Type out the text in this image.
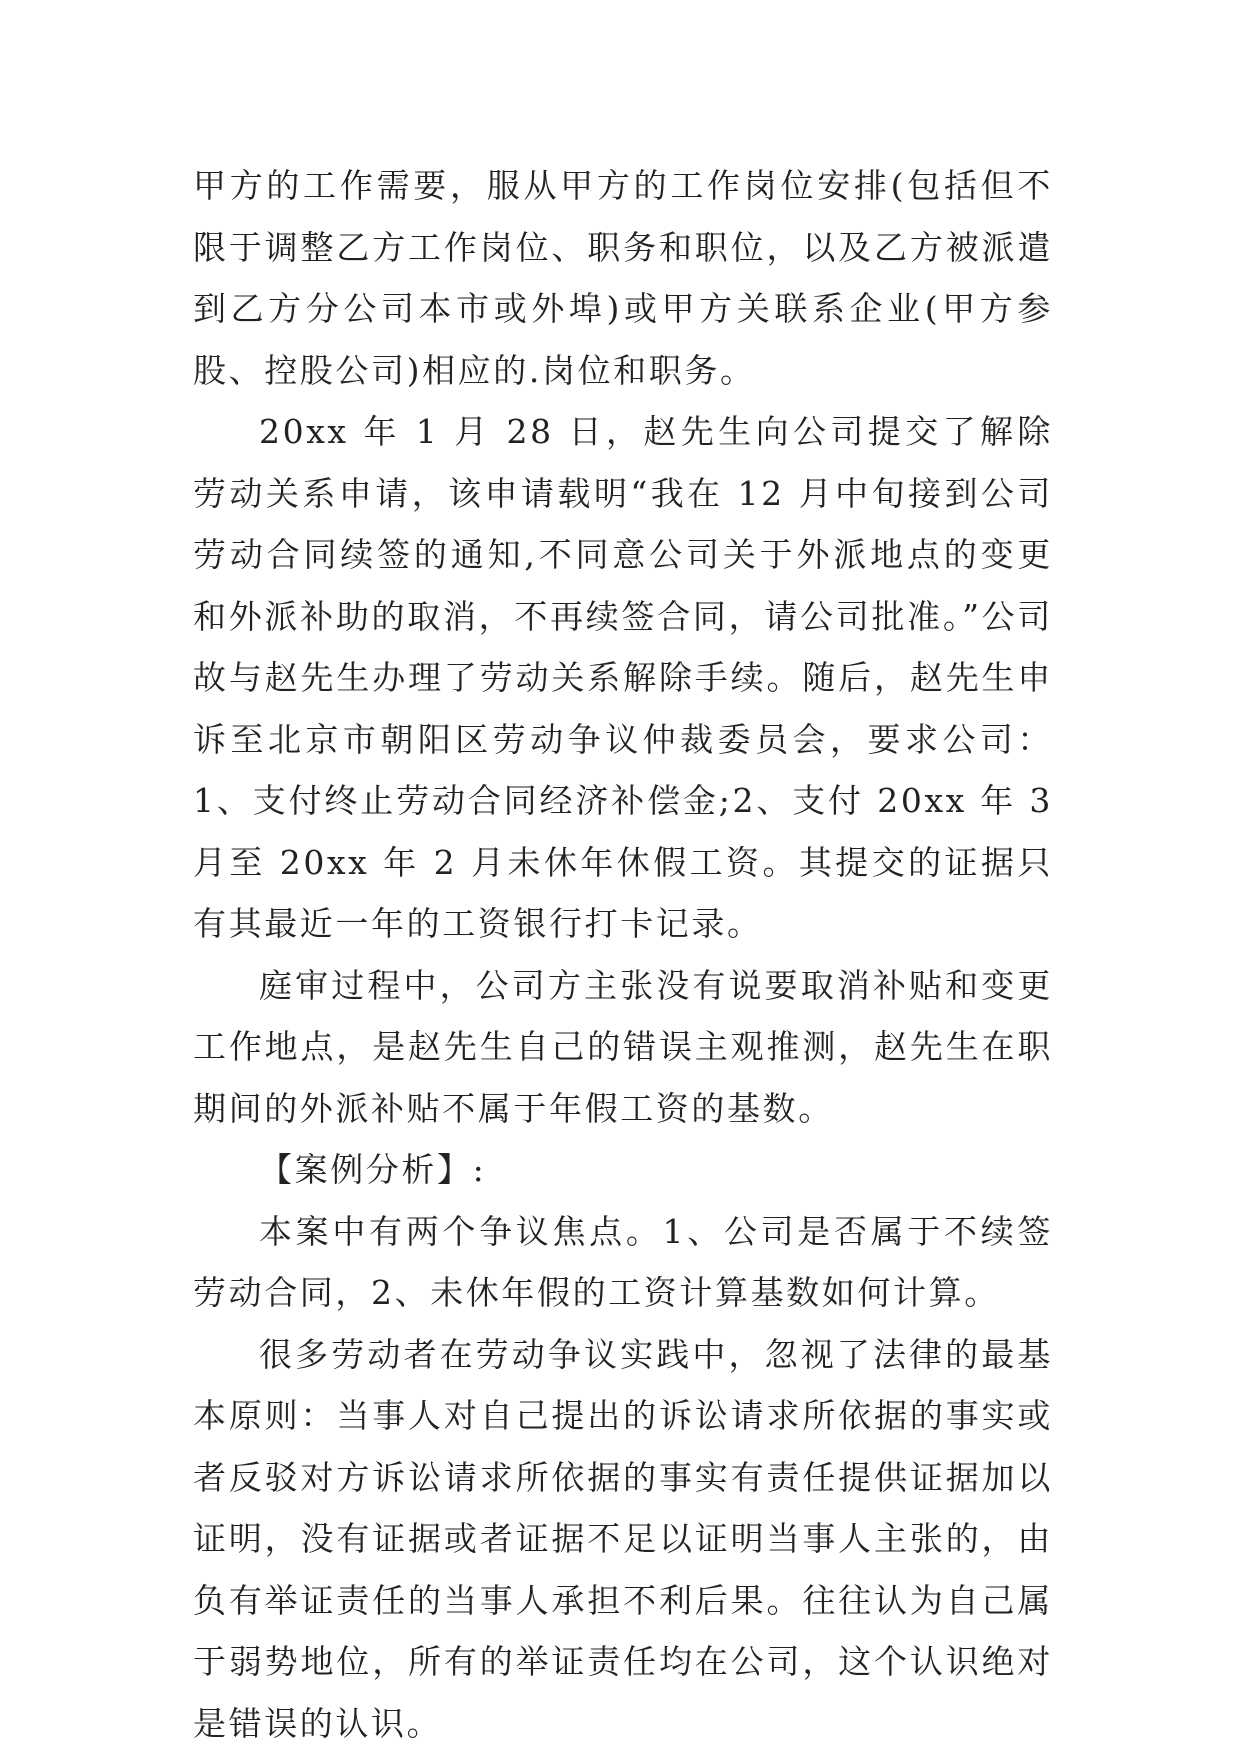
甲方的工作需要，服从甲方的工作岗位安排(包括但不限于调整乙方工作岗位、职务和职位，以及乙方被派遣到乙方分公司本市或外埠)或甲方关联系企业(甲方参股、控股公司)相应的.岗位和职务。

20xx 年 1 月 28 日，赵先生向公司提交了解除劳动关系申请，该申请载明“我在 12 月中旬接到公司劳动合同续签的通知,不同意公司关于外派地点的变更和外派补助的取消，不再续签合同，请公司批准。”公司故与赵先生办理了劳动关系解除手续。随后，赵先生申诉至北京市朝阳区劳动争议仲裁委员会，要求公司：1、支付终止劳动合同经济补偿金;2、支付 20xx 年 3 月至 20xx 年 2 月未休年休假工资。其提交的证据只有其最近一年的工资银行打卡记录。

庭审过程中，公司方主张没有说要取消补贴和变更工作地点，是赵先生自己的错误主观推测，赵先生在职期间的外派补贴不属于年假工资的基数。

【案例分析】:

本案中有两个争议焦点。1、公司是否属于不续签劳动合同，2、未休年假的工资计算基数如何计算。

很多劳动者在劳动争议实践中，忽视了法律的最基本原则：当事人对自己提出的诉讼请求所依据的事实或者反驳对方诉讼请求所依据的事实有责任提供证据加以证明，没有证据或者证据不足以证明当事人主张的，由负有举证责任的当事人承担不利后果。往往认为自己属于弱势地位，所有的举证责任均在公司，这个认识绝对是错误的认识。
